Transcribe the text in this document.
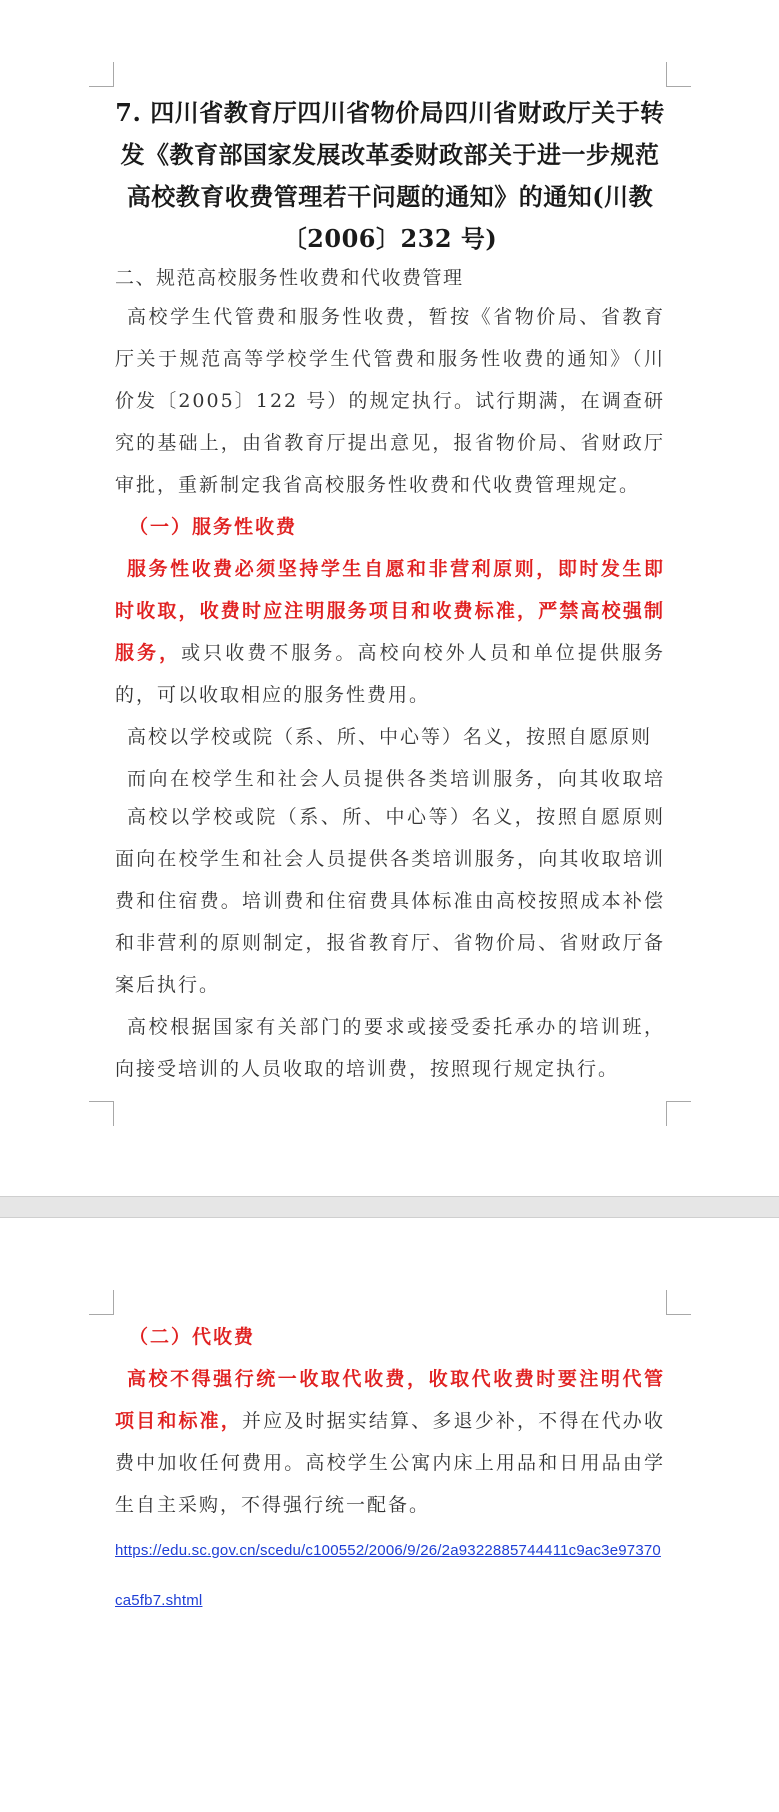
7. 四川省教育厅四川省物价局四川省财政厅关于转发《教育部国家发展改革委财政部关于进一步规范高校教育收费管理若干问题的通知》的通知(川教〔2006〕232 号)

二、规范高校服务性收费和代收费管理

高校学生代管费和服务性收费，暂按《省物价局、省教育厅关于规范高等学校学生代管费和服务性收费的通知》（川价发〔2005〕122 号）的规定执行。试行期满，在调查研究的基础上，由省教育厅提出意见，报省物价局、省财政厅审批，重新制定我省高校服务性收费和代收费管理规定。

（一）服务性收费

服务性收费必须坚持学生自愿和非营利原则，即时发生即时收取，收费时应注明服务项目和收费标准，严禁高校强制服务，或只收费不服务。高校向校外人员和单位提供服务的，可以收取相应的服务性费用。

高校以学校或院（系、所、中心等）名义，按照自愿原则
而向在校学生和社会人员提供各类培训服务，向其收取培

高校以学校或院（系、所、中心等）名义，按照自愿原则面向在校学生和社会人员提供各类培训服务，向其收取培训费和住宿费。培训费和住宿费具体标准由高校按照成本补偿和非营利的原则制定，报省教育厅、省物价局、省财政厅备案后执行。

高校根据国家有关部门的要求或接受委托承办的培训班，向接受培训的人员收取的培训费，按照现行规定执行。

（二）代收费

高校不得强行统一收取代收费，收取代收费时要注明代管项目和标准，并应及时据实结算、多退少补，不得在代办收费中加收任何费用。高校学生公寓内床上用品和日用品由学生自主采购，不得强行统一配备。

https://edu.sc.gov.cn/scedu/c100552/2006/9/26/2a9322885744411c9ac3e97370ca5fb7.shtml
